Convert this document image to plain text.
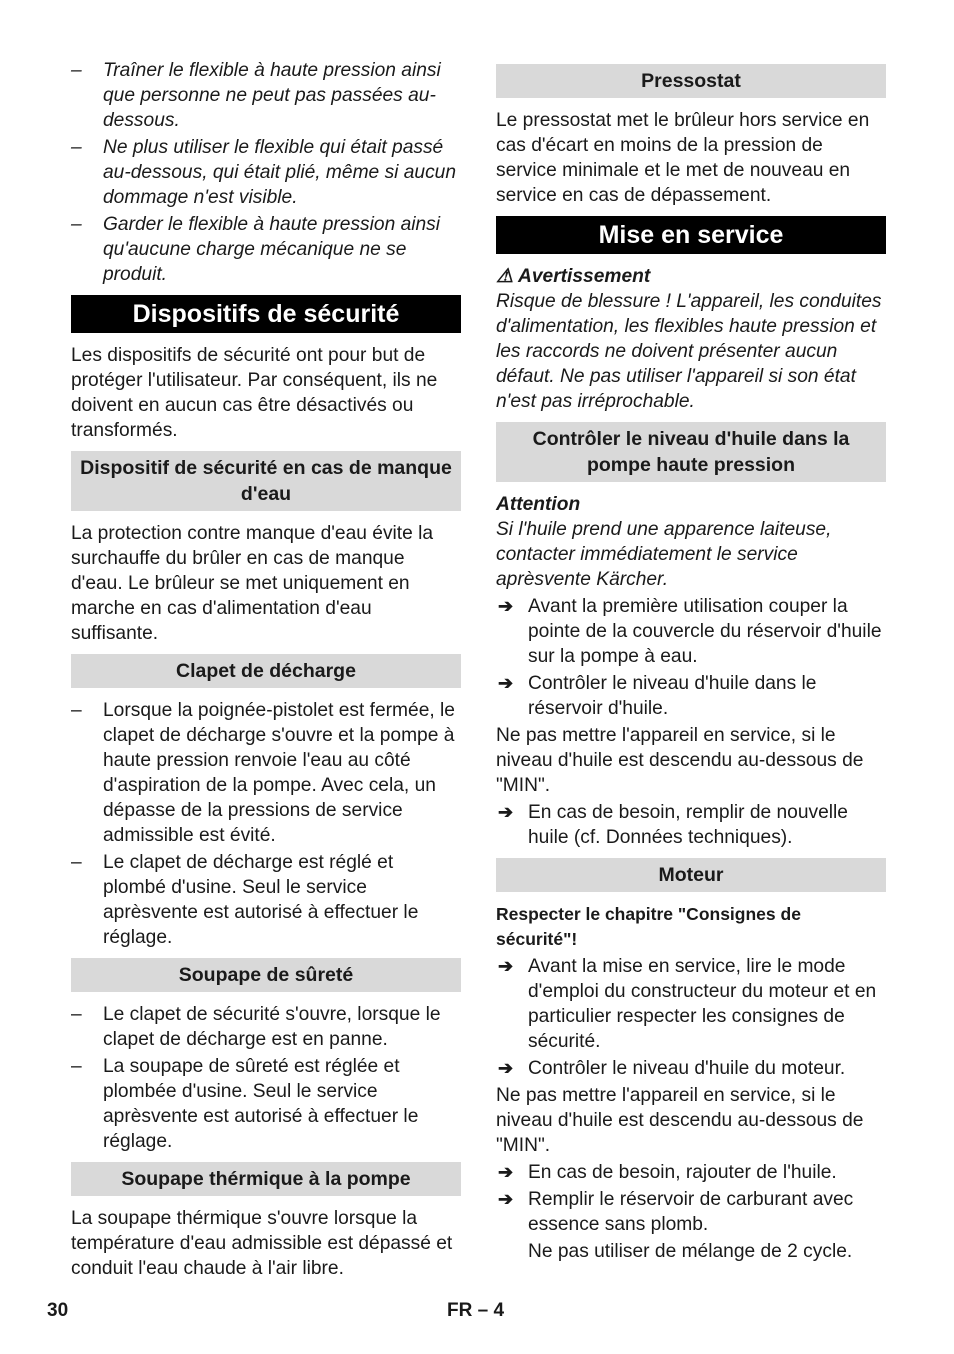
–	Traîner le flexible à haute pression ainsi que personne ne peut pas passées au-dessous.
–	Ne plus utiliser le flexible qui était passé au-dessous, qui était plié, même si aucun dommage n'est visible.
–	Garder le flexible à haute pression ainsi qu'aucune charge mécanique ne se produit.
Dispositifs de sécurité

Les dispositifs de sécurité ont pour but de protéger l'utilisateur. Par conséquent, ils ne doivent en aucun cas être désactivés ou transformés.

Dispositif de sécurité en cas de manque d'eau

La protection contre manque d'eau évite la surchauffe du brûler en cas de manque d'eau. Le brûleur se met uniquement en marche en cas d'alimentation d'eau suffisante.

Clapet de décharge
–	Lorsque la poignée-pistolet est fermée, le clapet de décharge s'ouvre et la pompe à haute pression renvoie l'eau au côté d'aspiration de la pompe. Avec cela, un dépasse de la pressions de service admissible est évité.
–	Le clapet de décharge est réglé et plombé d'usine. Seul le service aprèsvente est autorisé à effectuer le réglage.
Soupape de sûreté
–	Le clapet de sécurité s'ouvre, lorsque le clapet de décharge est en panne.
–	La soupape de sûreté est réglée et plombée d'usine. Seul le service aprèsvente est autorisé à effectuer le réglage.
Soupape thérmique à la pompe

La soupape thérmique s'ouvre lorsque la température d'eau admissible est dépassé et conduit l'eau chaude à l'air libre.

Pressostat

Le pressostat met le brûleur hors service en cas d'écart en moins de la pression de service minimale et le met de nouveau en service en cas de dépassement.

Mise en service
⚠ Avertissement

Risque de blessure ! L'appareil, les conduites d'alimentation, les flexibles haute pression et les raccords ne doivent présenter aucun défaut. Ne pas utiliser l'appareil si son état n'est pas irréprochable.

Contrôler le niveau d'huile dans la pompe haute pression
Attention

Si l'huile prend une apparence laiteuse, contacter immédiatement le service aprèsvente Kärcher.

➔ Avant la première utilisation couper la pointe de la couvercle du réservoir d'huile sur la pompe à eau.
➔ Contrôler le niveau d'huile dans le réservoir d'huile.

Ne pas mettre l'appareil en service, si le niveau d'huile est descendu au-dessous de "MIN".

➔ En cas de besoin, remplir de nouvelle huile (cf. Données techniques).
Moteur

Respecter le chapitre "Consignes de sécurité"!

➔ Avant la mise en service, lire le mode d'emploi du constructeur du moteur et en particulier respecter les consignes de sécurité.
➔ Contrôler le niveau d'huile du moteur.

Ne pas mettre l'appareil en service, si le niveau d'huile est descendu au-dessous de "MIN".

➔ En cas de besoin, rajouter de l'huile.
➔ Remplir le réservoir de carburant avec essence sans plomb.

Ne pas utiliser de mélange de 2 cycle.

30	FR – 4
